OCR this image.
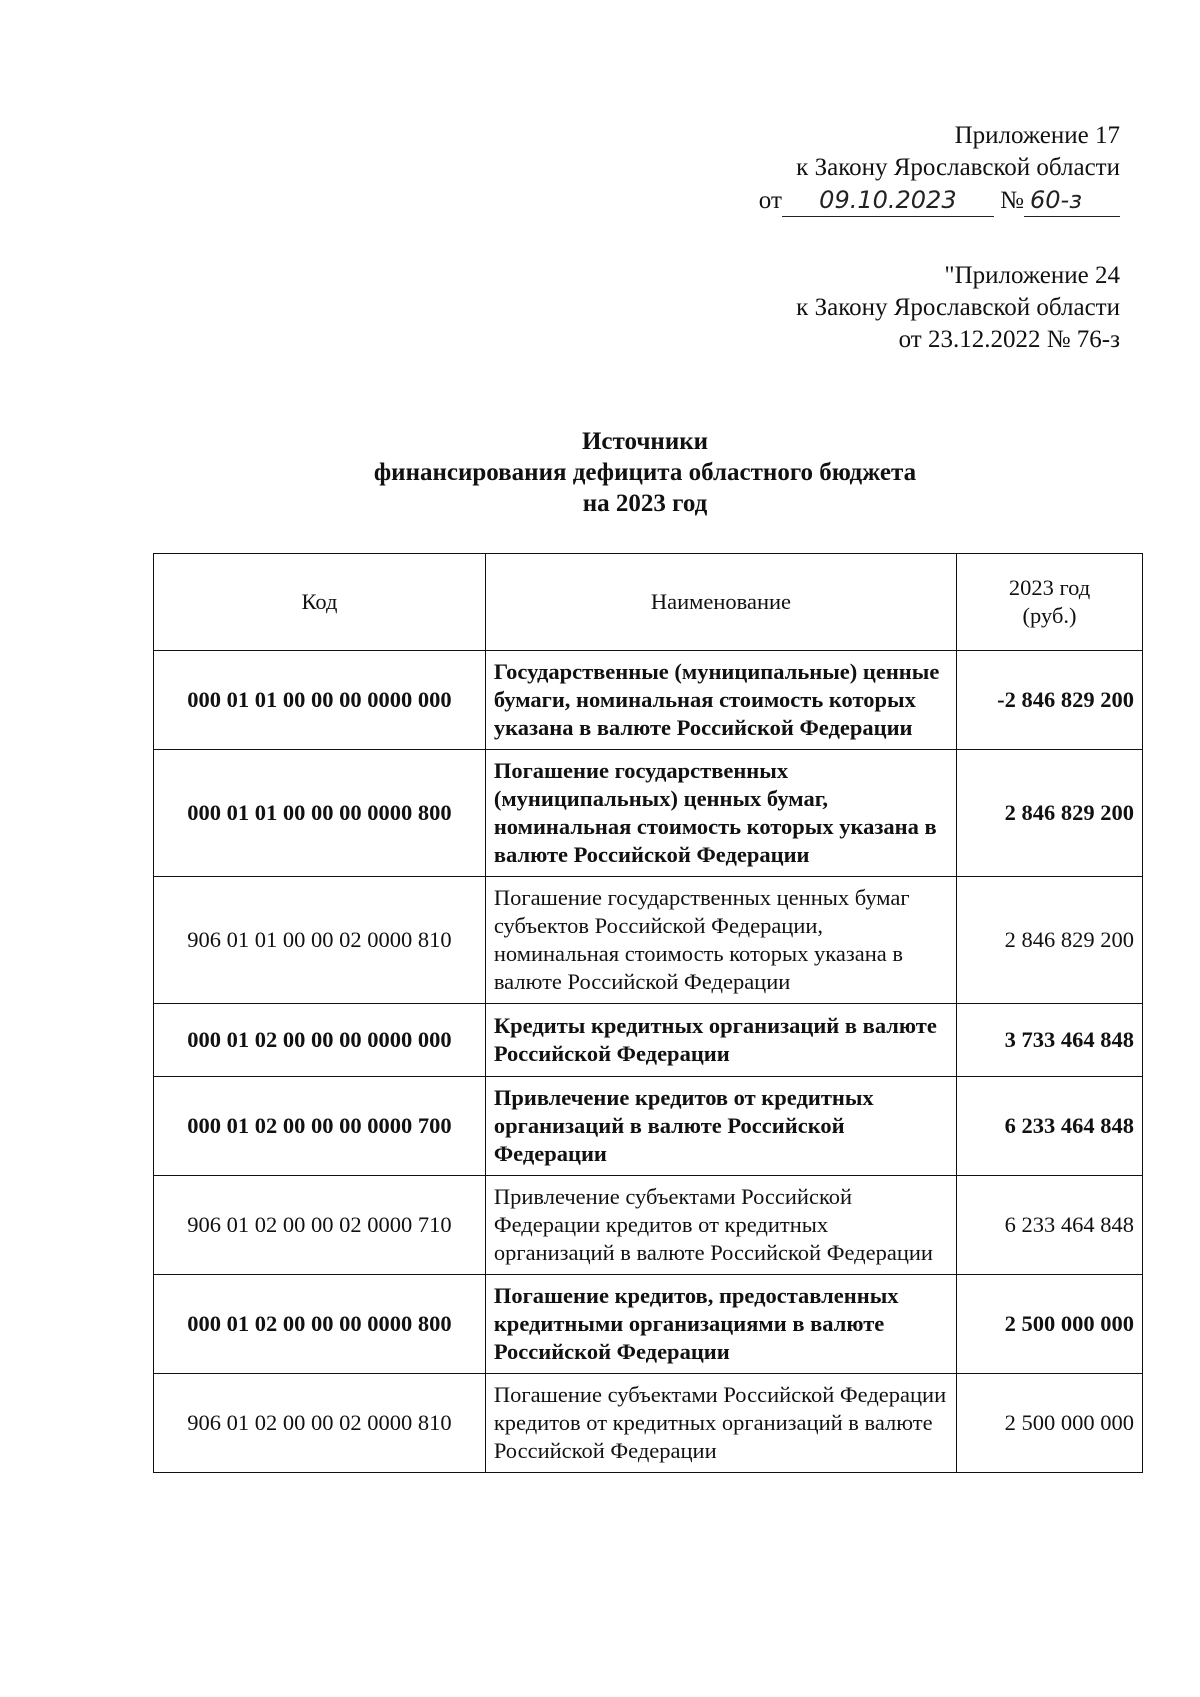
Приложение 17
к Закону Ярославской области
от 09.10.2023 № 60-з
"Приложение 24
к Закону Ярославской области
от 23.12.2022 № 76-з
Источники
финансирования дефицита областного бюджета
на 2023 год
Код	Наименование	2023 год
(руб.)

000 01 01 00 00 00 0000 000	Государственные (муниципальные) ценные бумаги, номинальная стоимость которых указана в валюте Российской Федерации	-2 846 829 200
000 01 01 00 00 00 0000 800	Погашение государственных (муниципальных) ценных бумаг, номинальная стоимость которых указана в валюте Российской Федерации	2 846 829 200
906 01 01 00 00 02 0000 810	Погашение государственных ценных бумаг субъектов Российской Федерации, номинальная стоимость которых указана в валюте Российской Федерации	2 846 829 200
000 01 02 00 00 00 0000 000	Кредиты кредитных организаций в валюте Российской Федерации	3 733 464 848
000 01 02 00 00 00 0000 700	Привлечение кредитов от кредитных организаций в валюте Российской Федерации	6 233 464 848
906 01 02 00 00 02 0000 710	Привлечение субъектами Российской Федерации кредитов от кредитных организаций в валюте Российской Федерации	6 233 464 848
000 01 02 00 00 00 0000 800	Погашение кредитов, предоставленных кредитными организациями в валюте Российской Федерации	2 500 000 000
906 01 02 00 00 02 0000 810	Погашение субъектами Российской Федерации кредитов от кредитных организаций в валюте Российской Федерации	2 500 000 000
